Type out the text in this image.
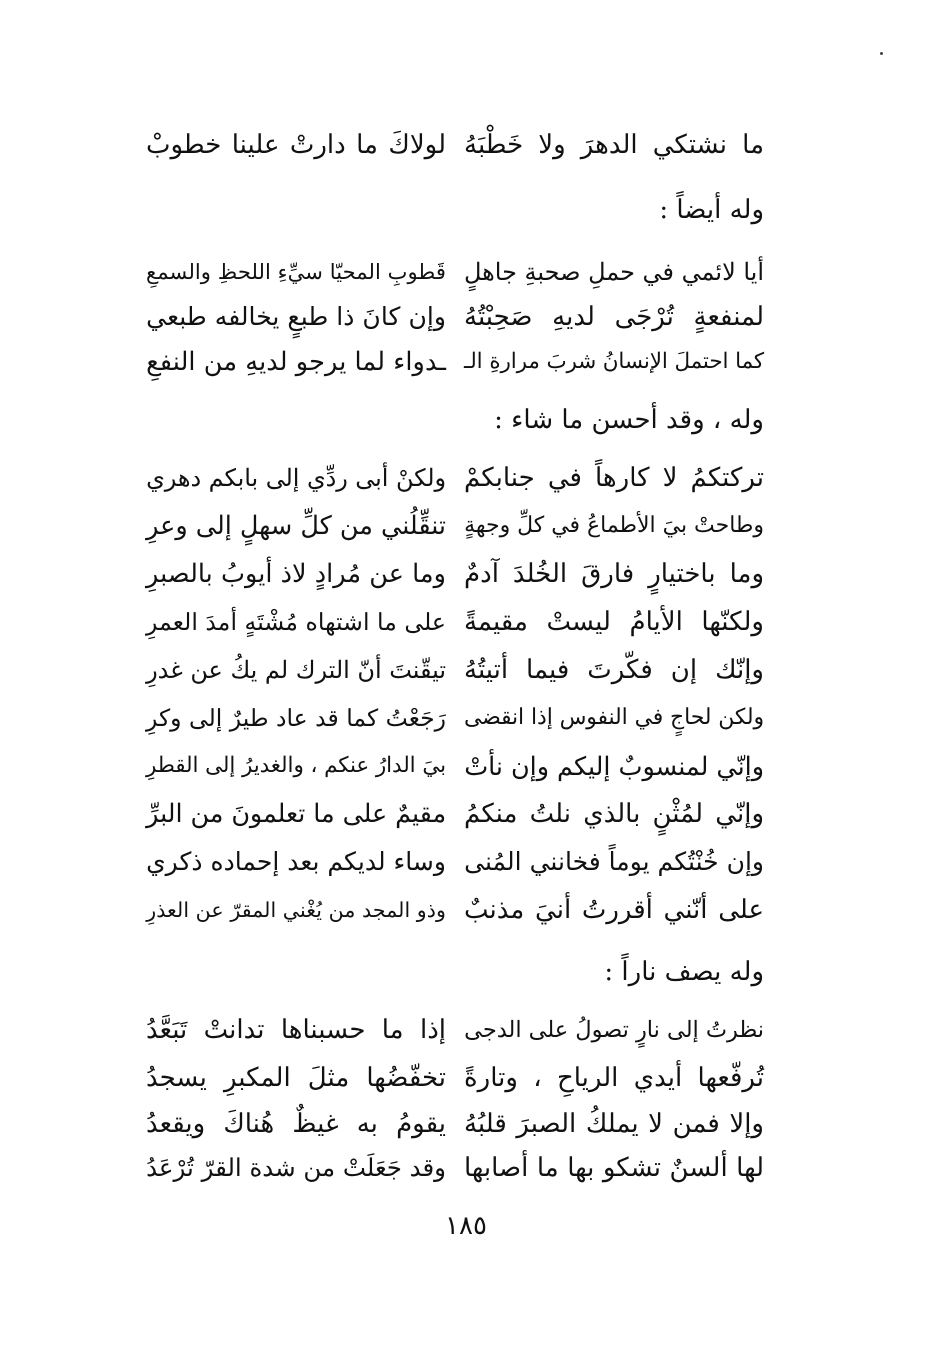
ما نشتكي الدهرَ ولا خَطْبَهُ
لولاكَ ما دارتْ علينا خطوبْ
وله أيضاً :
أيا لائمي في حملِ صحبةِ جاهلٍ
قَطوبِ المحيّا سيِّءِ اللحظِ والسمعِ
لمنفعةٍ تُرْجَى لديهِ صَحِبْتُهُ
وإن كانَ ذا طبعٍ يخالفه طبعي
كما احتملَ الإنسانُ شربَ مرارةِ الـ
ـدواء لما يرجو لديهِ من النفعِ
وله ، وقد أحسن ما شاء :
تركتكمُ لا كارهاً في جنابكمْ
ولكنْ أبى ردِّي إلى بابكم دهري
وطاحتْ بيَ الأطماعُ في كلِّ وجهةٍ
تنقِّلُني من كلِّ سهلٍ إلى وعرِ
وما باختيارٍ فارقَ الخُلدَ آدمٌ
وما عن مُرادٍ لاذ أيوبُ بالصبرِ
ولكنّها الأيامُ ليستْ مقيمةً
على ما اشتهاه مُشْتَهٍ أمدَ العمرِ
وإنّك إن فكّرتَ فيما أتيتُهُ
تيقّنتَ أنّ الترك لم يكُ عن غدرِ
ولكن لحاجٍ في النفوس إذا انقضى
رَجَعْتُ كما قد عاد طيرٌ إلى وكرِ
وإنّي لمنسوبٌ إليكم وإن نأتْ
بيَ الدارُ عنكم ، والغديرُ إلى القطرِ
وإنّي لمُثْنٍ بالذي نلتُ منكمُ
مقيمٌ على ما تعلمونَ من البرِّ
وإن خُنْتُكم يوماً فخانني المُنى
وساء لديكم بعد إحماده ذكري
على أنّني أقررتُ أنيَ مذنبٌ
وذو المجد من يُغْني المقرّ عن العذرِ
وله يصف ناراً :
نظرتُ إلى نارٍ تصولُ على الدجى
إذا ما حسبناها تدانتْ تَبَعَّدُ
تُرفّعها أيدي الرياحِ ، وتارةً
تخفّضُها مثلَ المكبرِ يسجدُ
وإلا فمن لا يملكُ الصبرَ قلبُهُ
يقومُ به غيظٌ هُناكَ ويقعدُ
لها ألسنٌ تشكو بها ما أصابها
وقد جَعَلَتْ من شدة القرّ تُرْعَدُ
١٨٥
